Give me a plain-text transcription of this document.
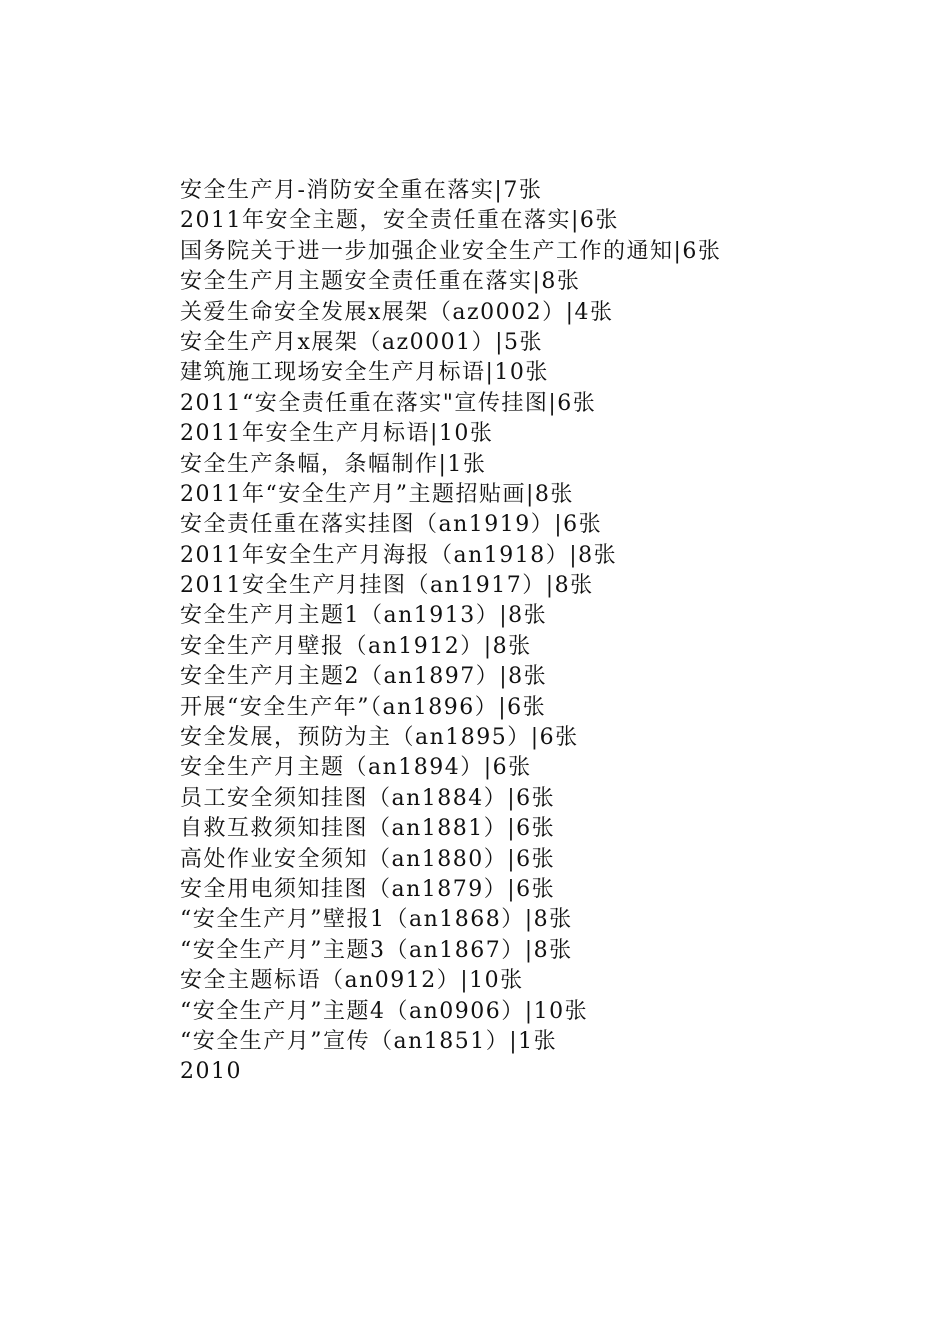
安全生产月-消防安全重在落实|7张
2011年安全主题，安全责任重在落实|6张
国务院关于进一步加强企业安全生产工作的通知|6张
安全生产月主题安全责任重在落实|8张
关爱生命安全发展x展架（az0002）|4张
安全生产月x展架（az0001）|5张
建筑施工现场安全生产月标语|10张
2011“安全责任重在落实"宣传挂图|6张
2011年安全生产月标语|10张
安全生产条幅，条幅制作|1张
2011年“安全生产月”主题招贴画|8张
安全责任重在落实挂图（an1919）|6张
2011年安全生产月海报（an1918）|8张
2011安全生产月挂图（an1917）|8张
安全生产月主题1（an1913）|8张
安全生产月壁报（an1912）|8张
安全生产月主题2（an1897）|8张
开展“安全生产年”（an1896）|6张
安全发展，预防为主（an1895）|6张
安全生产月主题（an1894）|6张
员工安全须知挂图（an1884）|6张
自救互救须知挂图（an1881）|6张
高处作业安全须知（an1880）|6张
安全用电须知挂图（an1879）|6张
“安全生产月”壁报1（an1868）|8张
“安全生产月”主题3（an1867）|8张
安全主题标语（an0912）|10张
“安全生产月”主题4（an0906）|10张
“安全生产月”宣传（an1851）|1张
2010
